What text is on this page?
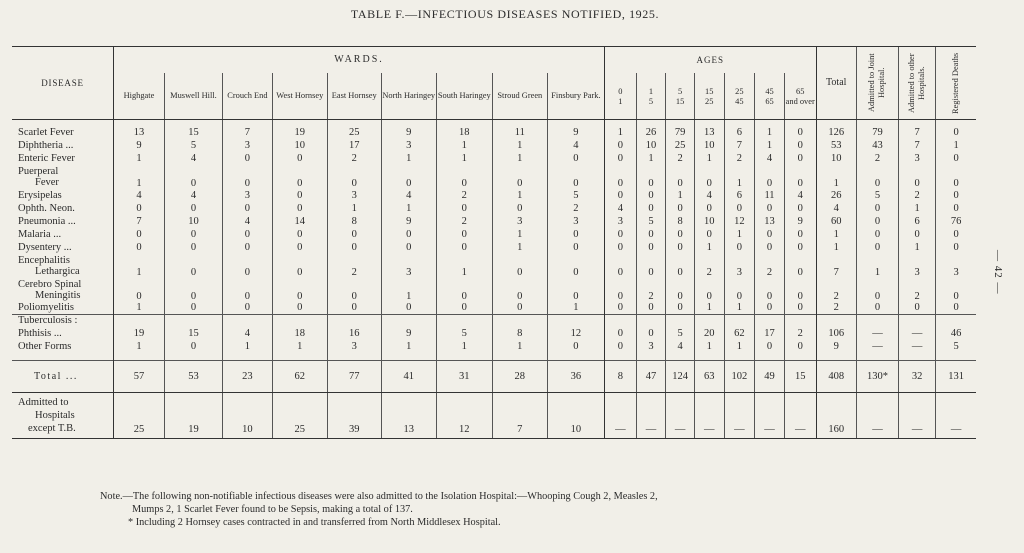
TABLE F.—INFECTIOUS DISEASES NOTIFIED, 1925.
DISEASE	WARDS.									AGES							Total	Admitted to Joint Hospital.	Admitted to other Hospitals.	Registered Deaths

	Highgate	Muswell Hill.	Crouch End	West Hornsey	East Hornsey	North Haringey	South Haringey	Stroud Green	Finsbury Park.	0	1	5	15	25	45	65				
										1	5	15	25	45	65	and over				

Scarlet Fever	13	15	7	19	25	9	18	11	9	1	26	79	13	6	1	0	126	79	7	0

Diphtheria ...	9	5	3	10	17	3	1	1	4	0	10	25	10	7	1	0	53	43	7	1

Enteric Fever	1	4	0	0	2	1	1	1	0	0	1	2	1	2	4	0	10	2	3	0

Puerperal
Fever	1	0	0	0	0	0	0	0	0	0	0	0	0	1	0	0	1	0	0	0

Erysipelas	4	4	3	0	3	4	2	1	5	0	0	1	4	6	11	4	26	5	2	0

Ophth. Neon.	0	0	0	0	1	1	0	0	2	4	0	0	0	0	0	0	4	0	1	0

Pneumonia ...	7	10	4	14	8	9	2	3	3	3	5	8	10	12	13	9	60	0	6	76

Malaria ...	0	0	0	0	0	0	0	1	0	0	0	0	0	1	0	0	1	0	0	0

Dysentery ...	0	0	0	0	0	0	0	1	0	0	0	0	1	0	0	0	1	0	1	0

Encephalitis
Lethargica	1	0	0	0	2	3	1	0	0	0	0	0	2	3	2	0	7	1	3	3

Cerebro Spinal
Meningitis	0	0	0	0	0	1	0	0	0	0	2	0	0	0	0	0	2	0	2	0

Poliomyelitis	1	0	0	0	0	0	0	0	1	0	0	0	1	1	0	0	2	0	0	0
Tuberculosis :																				

Phthisis ...	19	15	4	18	16	9	5	8	12	0	0	5	20	62	17	2	106	—	—	46

Other Forms	1	0	1	1	3	1	1	1	0	0	3	4	1	1	0	0	9	—	—	5

Total ...	57	53	23	62	77	41	31	28	36	8	47	124	63	102	49	15	408	130*	32	131

Admitted to
Hospitals
except T.B.	25	19	10	25	39	13	12	7	10	—	—	—	—	—	—	—	160	—	—	—
— 42 —
Note.—The following non-notifiable infectious diseases were also admitted to the Isolation Hospital:—Whooping Cough 2, Measles 2,
Mumps 2, 1 Scarlet Fever found to be Sepsis, making a total of 137.
* Including 2 Hornsey cases contracted in and transferred from North Middlesex Hospital.
